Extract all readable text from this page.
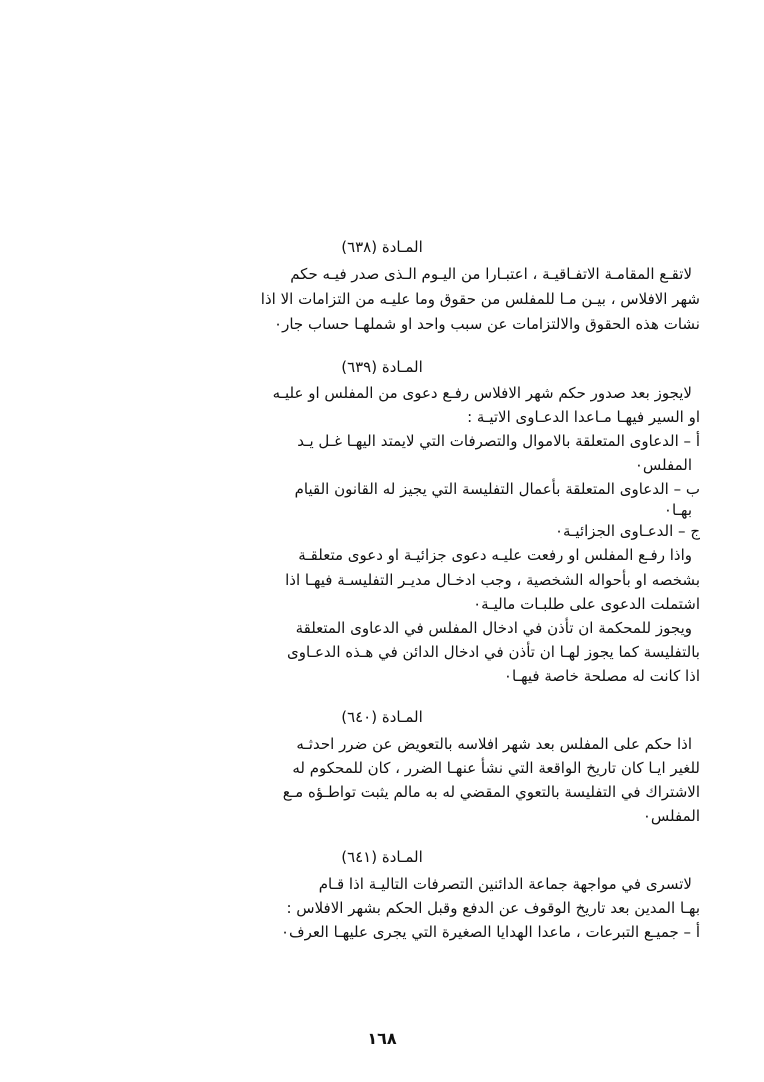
المـادة (٦٣٨)
لاتقـع المقامـة الاتفـاقيـة ، اعتبـارا من اليـوم الـذى صدر فيـه حكم
شهر الافلاس ، بيـن مـا للمفلس من حقوق وما عليـه من التزامات الا اذا
نشات هذه الحقوق والالتزامات عن سبب واحد او شملهـا حساب جار٠
المـادة (٦٣٩)
لايجوز بعد صدور حكم شهر الافلاس رفـع دعوى من المفلس او عليـه
او السير فيهـا مـاعدا الدعـاوى الاتيـة :
أ – الدعاوى المتعلقة بالاموال والتصرفات التي لايمتد اليهـا غـل يـد
المفلس٠
ب – الدعاوى المتعلقة بأعمال التفليسة التي يجيز له القانون القيام
بهـا٠
ج – الدعـاوى الجزائيـة٠
واذا رفـع المفلس او رفعت عليـه دعوى جزائيـة او دعوى متعلقـة
بشخصه او بأحواله الشخصية ، وجب ادخـال مديـر التفليسـة فيهـا اذا
اشتملت الدعوى على طلبـات ماليـة٠
ويجوز للمحكمة ان تأذن في ادخال المفلس في الدعاوى المتعلقة
بالتفليسة كما يجوز لهـا ان تأذن في ادخال الدائن في هـذه الدعـاوى
اذا كانت له مصلحة خاصة فيهـا٠
المـادة (٦٤٠)
اذا حكم على المفلس بعد شهر افلاسه بالتعويض عن ضرر احدثـه
للغير ايـا كان تاريخ الواقعة التي نشأ عنهـا الضرر ، كان للمحكوم له
الاشتراك في التفليسة بالتعوي المقضي له به مالم يثبت تواطـؤه مـع
المفلس٠
المـادة (٦٤١)
لاتسرى في مواجهة جماعة الدائنين التصرفات التاليـة اذا قـام
بهـا المدين بعد تاريخ الوقوف عن الدفع وقبل الحكم بشهر الافلاس :
أ – جميـع التبرعات ، ماعدا الهدايا الصغيرة التي يجرى عليهـا العرف٠
١٦٨
